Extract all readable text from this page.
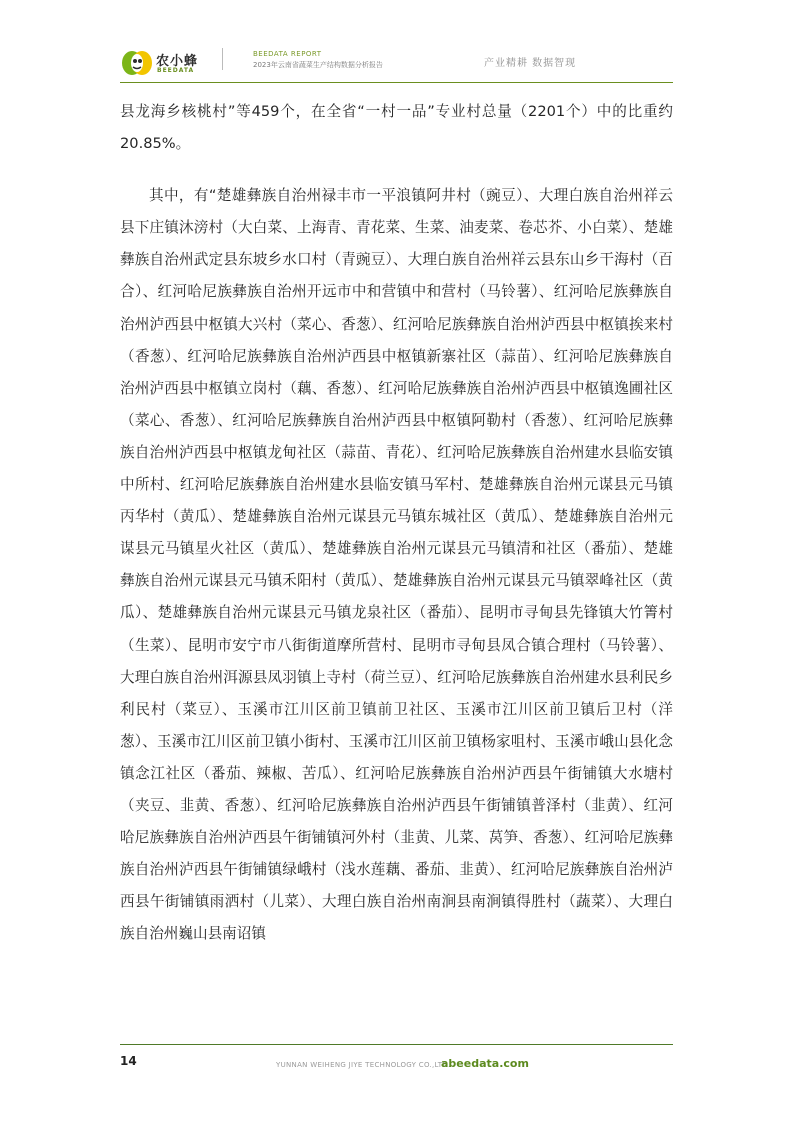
农小蜂
BEEDATA
BEEDATA REPORT
2023年云南省蔬菜生产结构数据分析报告	产业精耕 数据智现

县龙海乡核桃村”等459个，在全省“一村一品”专业村总量（2201个）中的比重约20.85%。

其中，有“楚雄彝族自治州禄丰市一平浪镇阿井村（豌豆）、大理白族自治州祥云县下庄镇沐滂村（大白菜、上海青、青花菜、生菜、油麦菜、卷芯芥、小白菜）、楚雄彝族自治州武定县东坡乡水口村（青豌豆）、大理白族自治州祥云县东山乡干海村（百合）、红河哈尼族彝族自治州开远市中和营镇中和营村（马铃薯）、红河哈尼族彝族自治州泸西县中枢镇大兴村（菜心、香葱）、红河哈尼族彝族自治州泸西县中枢镇挨来村（香葱）、红河哈尼族彝族自治州泸西县中枢镇新寨社区（蒜苗）、红河哈尼族彝族自治州泸西县中枢镇立岗村（藕、香葱）、红河哈尼族彝族自治州泸西县中枢镇逸圃社区（菜心、香葱）、红河哈尼族彝族自治州泸西县中枢镇阿勒村（香葱）、红河哈尼族彝族自治州泸西县中枢镇龙甸社区（蒜苗、青花）、红河哈尼族彝族自治州建水县临安镇中所村、红河哈尼族彝族自治州建水县临安镇马军村、楚雄彝族自治州元谋县元马镇丙华村（黄瓜）、楚雄彝族自治州元谋县元马镇东城社区（黄瓜）、楚雄彝族自治州元谋县元马镇星火社区（黄瓜）、楚雄彝族自治州元谋县元马镇清和社区（番茄）、楚雄彝族自治州元谋县元马镇禾阳村（黄瓜）、楚雄彝族自治州元谋县元马镇翠峰社区（黄瓜）、楚雄彝族自治州元谋县元马镇龙泉社区（番茄）、昆明市寻甸县先锋镇大竹箐村（生菜）、昆明市安宁市八街街道摩所营村、昆明市寻甸县凤合镇合理村（马铃薯）、大理白族自治州洱源县凤羽镇上寺村（荷兰豆）、红河哈尼族彝族自治州建水县利民乡利民村（菜豆）、玉溪市江川区前卫镇前卫社区、玉溪市江川区前卫镇后卫村（洋葱）、玉溪市江川区前卫镇小街村、玉溪市江川区前卫镇杨家咀村、玉溪市峨山县化念镇念江社区（番茄、辣椒、苦瓜）、红河哈尼族彝族自治州泸西县午街铺镇大水塘村（夹豆、韭黄、香葱）、红河哈尼族彝族自治州泸西县午街铺镇普泽村（韭黄）、红河哈尼族彝族自治州泸西县午街铺镇河外村（韭黄、儿菜、莴笋、香葱）、红河哈尼族彝族自治州泸西县午街铺镇绿峨村（浅水莲藕、番茄、韭黄）、红河哈尼族彝族自治州泸西县午街铺镇雨洒村（儿菜）、大理白族自治州南涧县南涧镇得胜村（蔬菜）、大理白族自治州巍山县南诏镇

14	YUNNAN WEIHENG JIYE TECHNOLOGY CO.,LTD.
abeedata.com
